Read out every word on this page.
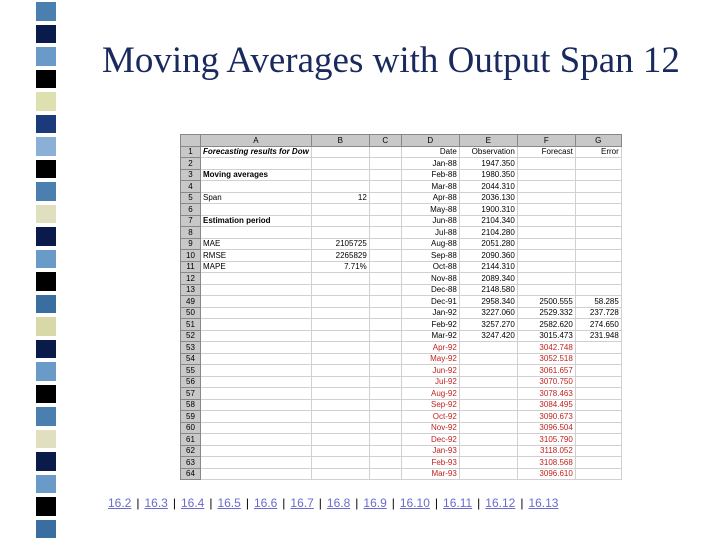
Moving Averages with Output Span 12
	A	B	C	D	E	F	G
1	Forecasting results for Dow			Date	Observation	Forecast	Error
2				Jan-88	1947.350		
3	Moving averages			Feb-88	1980.350		
4				Mar-88	2044.310		
5	Span	12		Apr-88	2036.130		
6				May-88	1900.310		
7	Estimation period			Jun-88	2104.340		
8				Jul-88	2104.280		
9	MAE	2105725		Aug-88	2051.280		
10	RMSE	2265829		Sep-88	2090.360		
11	MAPE	7.71%		Oct-88	2144.310		
12				Nov-88	2089.340		
13				Dec-88	2148.580		
49				Dec-91	2958.340	2500.555	58.285
50				Jan-92	3227.060	2529.332	237.728
51				Feb-92	3257.270	2582.620	274.650
52				Mar-92	3247.420	3015.473	231.948
53				Apr-92		3042.748	
54				May-92		3052.518	
55				Jun-92		3061.657	
56				Jul-92		3070.750	
57				Aug-92		3078.463	
58				Sep-92		3084.495	
59				Oct-92		3090.673	
60				Nov-92		3096.504	
61				Dec-92		3105.790	
62				Jan-93		3118.052	
63				Feb-93		3108.568	
64				Mar-93		3096.610	
16.2 | 16.3 | 16.4 | 16.5 | 16.6 | 16.7 | 16.8 | 16.9 | 16.10 | 16.11 | 16.12 | 16.13
